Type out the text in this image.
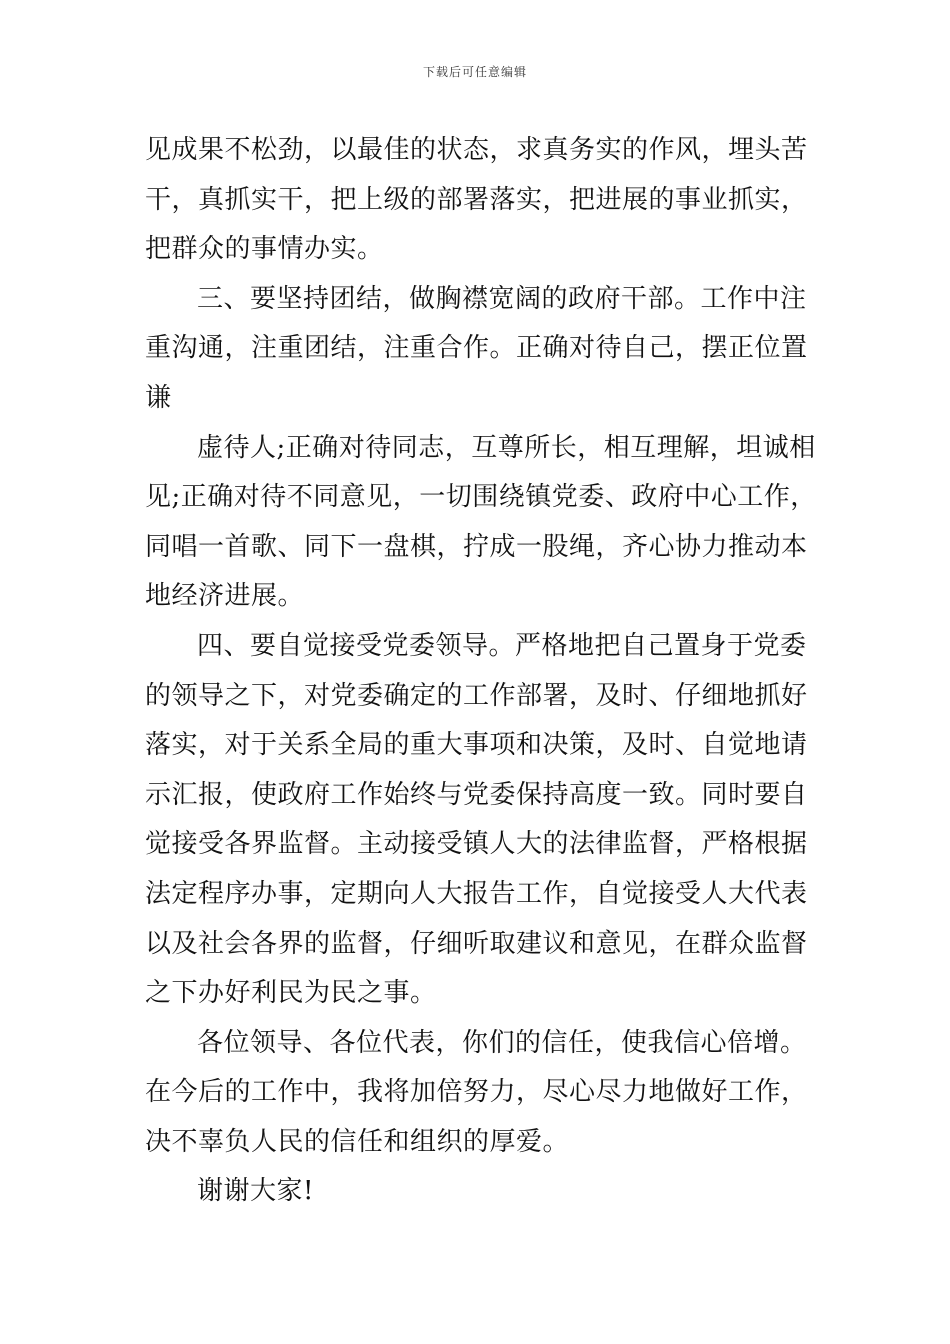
下载后可任意编辑

见成果不松劲，以最佳的状态，求真务实的作风，埋头苦
干，真抓实干，把上级的部署落实，把进展的事业抓实，
把群众的事情办实。

三、要坚持团结，做胸襟宽阔的政府干部。工作中注
重沟通，注重团结，注重合作。正确对待自己，摆正位置
谦

虚待人;正确对待同志，互尊所长，相互理解，坦诚相
见;正确对待不同意见，一切围绕镇党委、政府中心工作，
同唱一首歌、同下一盘棋，拧成一股绳，齐心协力推动本
地经济进展。

四、要自觉接受党委领导。严格地把自己置身于党委
的领导之下，对党委确定的工作部署，及时、仔细地抓好
落实，对于关系全局的重大事项和决策，及时、自觉地请
示汇报，使政府工作始终与党委保持高度一致。同时要自
觉接受各界监督。主动接受镇人大的法律监督，严格根据
法定程序办事，定期向人大报告工作，自觉接受人大代表
以及社会各界的监督，仔细听取建议和意见，在群众监督
之下办好利民为民之事。

各位领导、各位代表，你们的信任，使我信心倍增。
在今后的工作中，我将加倍努力，尽心尽力地做好工作，
决不辜负人民的信任和组织的厚爱。

谢谢大家!
